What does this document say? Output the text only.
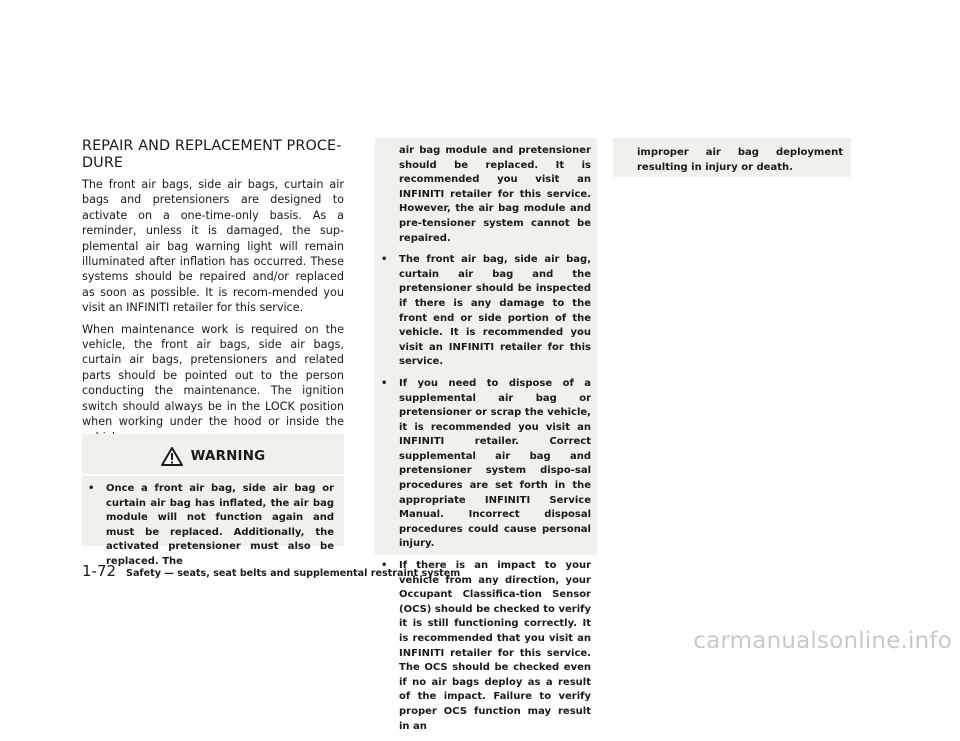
REPAIR AND REPLACEMENT PROCE-
DURE

The front air bags, side air bags, curtain air bags and pretensioners are designed to activate on a one-time-only basis. As a reminder, unless it is damaged, the sup-plemental air bag warning light will remain illuminated after inflation has occurred. These systems should be repaired and/or replaced as soon as possible. It is recom-mended you visit an INFINITI retailer for this service.

When maintenance work is required on the vehicle, the front air bags, side air bags, curtain air bags, pretensioners and related parts should be pointed out to the person conducting the maintenance. The ignition switch should always be in the LOCK position when working under the hood or inside the

WARNING
• Once a front air bag, side air bag or curtain air bag has inflated, the air bag module will not function again and must be replaced. Additionally, the activated pretensioner must also be replaced. The
air bag module and pretensioner should be replaced. It is recommended you visit an INFINITI retailer for this service. However, the air bag module and pre-tensioner system cannot be repaired.
• The front air bag, side air bag, curtain air bag and the pretensioner should be inspected if there is any damage to the front end or side portion of the vehicle. It is recommended you visit an INFINITI retailer for this service.
• If you need to dispose of a supplemental air bag or pretensioner or scrap the vehicle, it is recommended you visit an INFINITI retailer. Correct supplemental air bag and pretensioner system dispo-sal procedures are set forth in the appropriate INFINITI Service Manual. Incorrect disposal procedures could cause personal injury.
• If there is an impact to your vehicle from any direction, your Occupant Classifica-tion Sensor (OCS) should be checked to verify it is still functioning correctly. It is recommended that you visit an INFINITI retailer for this service. The OCS should be checked even if no air bags deploy as a result of the impact. Failure to verify proper OCS function may result in an
improper air bag deployment resulting in injury or death.
1-72 Safety — seats, seat belts and supplemental restraint system
carmanualsonline.info
